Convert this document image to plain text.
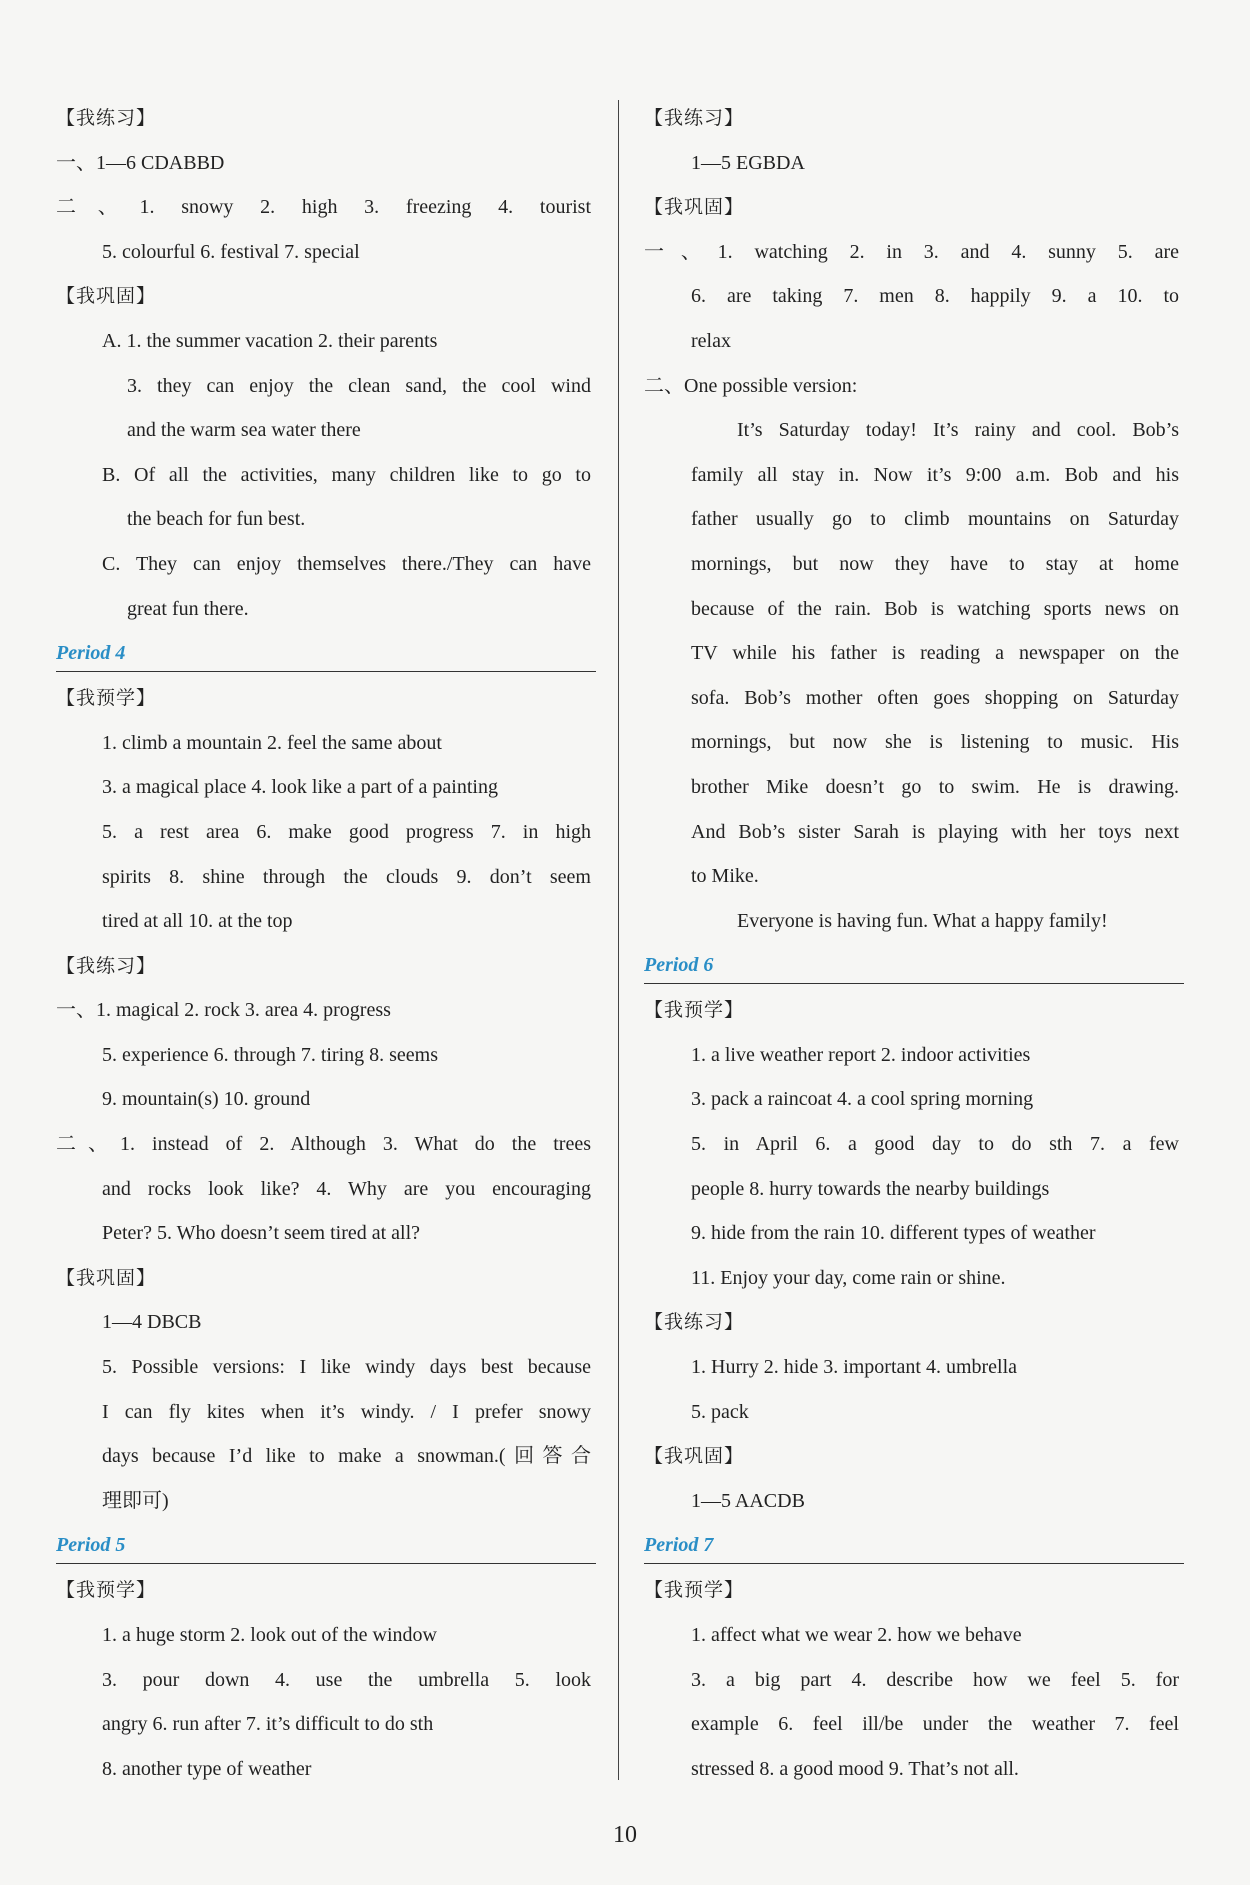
【我练习】
一、1—6 CDABBD
二、1. snowy 2. high 3. freezing 4. tourist
5. colourful 6. festival 7. special
【我巩固】
A. 1. the summer vacation 2. their parents
3. they can enjoy the clean sand, the cool wind
and the warm sea water there
B. Of all the activities, many children like to go to
the beach for fun best.
C. They can enjoy themselves there./They can have
great fun there.
Period 4
【我预学】
1. climb a mountain 2. feel the same about
3. a magical place 4. look like a part of a painting
5. a rest area 6. make good progress 7. in high
spirits 8. shine through the clouds 9. don’t seem
tired at all 10. at the top
【我练习】
一、1. magical 2. rock 3. area 4. progress
5. experience 6. through 7. tiring 8. seems
9. mountain(s) 10. ground
二、1. instead of 2. Although 3. What do the trees
and rocks look like? 4. Why are you encouraging
Peter? 5. Who doesn’t seem tired at all?
【我巩固】
1—4 DBCB
5. Possible versions: I like windy days best because
I can fly kites when it’s windy. / I prefer snowy
days because I’d like to make a snowman.(回答合
理即可)
Period 5
【我预学】
1. a huge storm 2. look out of the window
3. pour down 4. use the umbrella 5. look
angry 6. run after 7. it’s difficult to do sth
8. another type of weather
【我练习】
1—5 EGBDA
【我巩固】
一、1. watching 2. in 3. and 4. sunny 5. are
6. are taking 7. men 8. happily 9. a 10. to
relax
二、One possible version:
It’s Saturday today! It’s rainy and cool. Bob’s
family all stay in. Now it’s 9:00 a.m. Bob and his
father usually go to climb mountains on Saturday
mornings, but now they have to stay at home
because of the rain. Bob is watching sports news on
TV while his father is reading a newspaper on the
sofa. Bob’s mother often goes shopping on Saturday
mornings, but now she is listening to music. His
brother Mike doesn’t go to swim. He is drawing.
And Bob’s sister Sarah is playing with her toys next
to Mike.
Everyone is having fun. What a happy family!
Period 6
【我预学】
1. a live weather report 2. indoor activities
3. pack a raincoat 4. a cool spring morning
5. in April 6. a good day to do sth 7. a few
people 8. hurry towards the nearby buildings
9. hide from the rain 10. different types of weather
11. Enjoy your day, come rain or shine.
【我练习】
1. Hurry 2. hide 3. important 4. umbrella
5. pack
【我巩固】
1—5 AACDB
Period 7
【我预学】
1. affect what we wear 2. how we behave
3. a big part 4. describe how we feel 5. for
example 6. feel ill/be under the weather 7. feel
stressed 8. a good mood 9. That’s not all.
10
